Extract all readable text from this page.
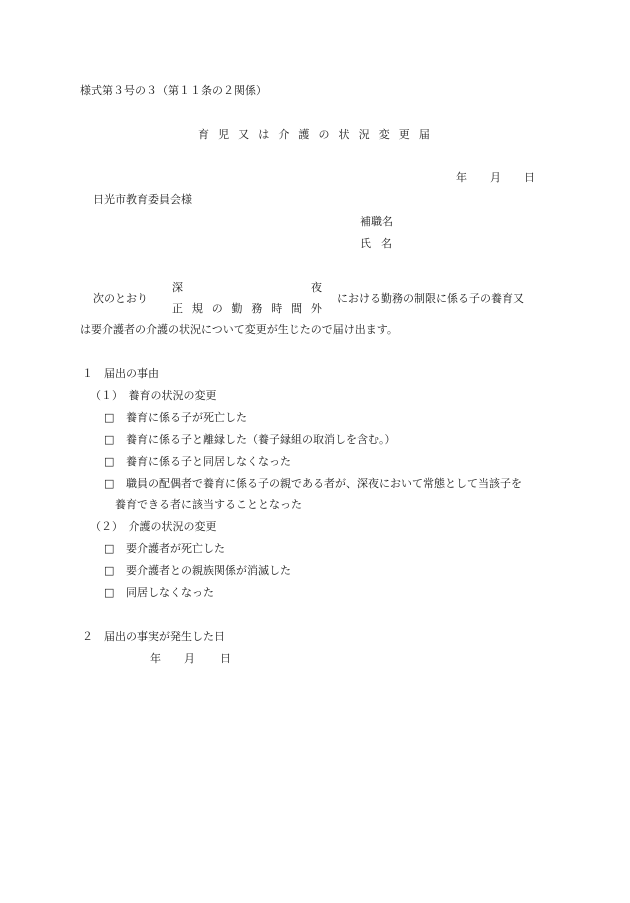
様式第３号の３（第１１条の２関係）
育 児 又 は 介 護 の 状 況 変 更 届
年 月 日
日光市教育委員会様
補職名
氏 名
次のとおり
深	夜
正 規 の 勤 務 時 間 外
における勤務の制限に係る子の養育又
は要介護者の介護の状況について変更が生じたので届け出ます。
１　届出の事由
（１）　養育の状況の変更
□ 養育に係る子が死亡した
□ 養育に係る子と離縁した（養子縁組の取消しを含む。）
□ 養育に係る子と同居しなくなった
□ 職員の配偶者で養育に係る子の親である者が、深夜において常態として当該子を
養育できる者に該当することとなった
（２）　介護の状況の変更
□ 要介護者が死亡した
□ 要介護者との親族関係が消滅した
□ 同居しなくなった
２　届出の事実が発生した日
年 月 日
